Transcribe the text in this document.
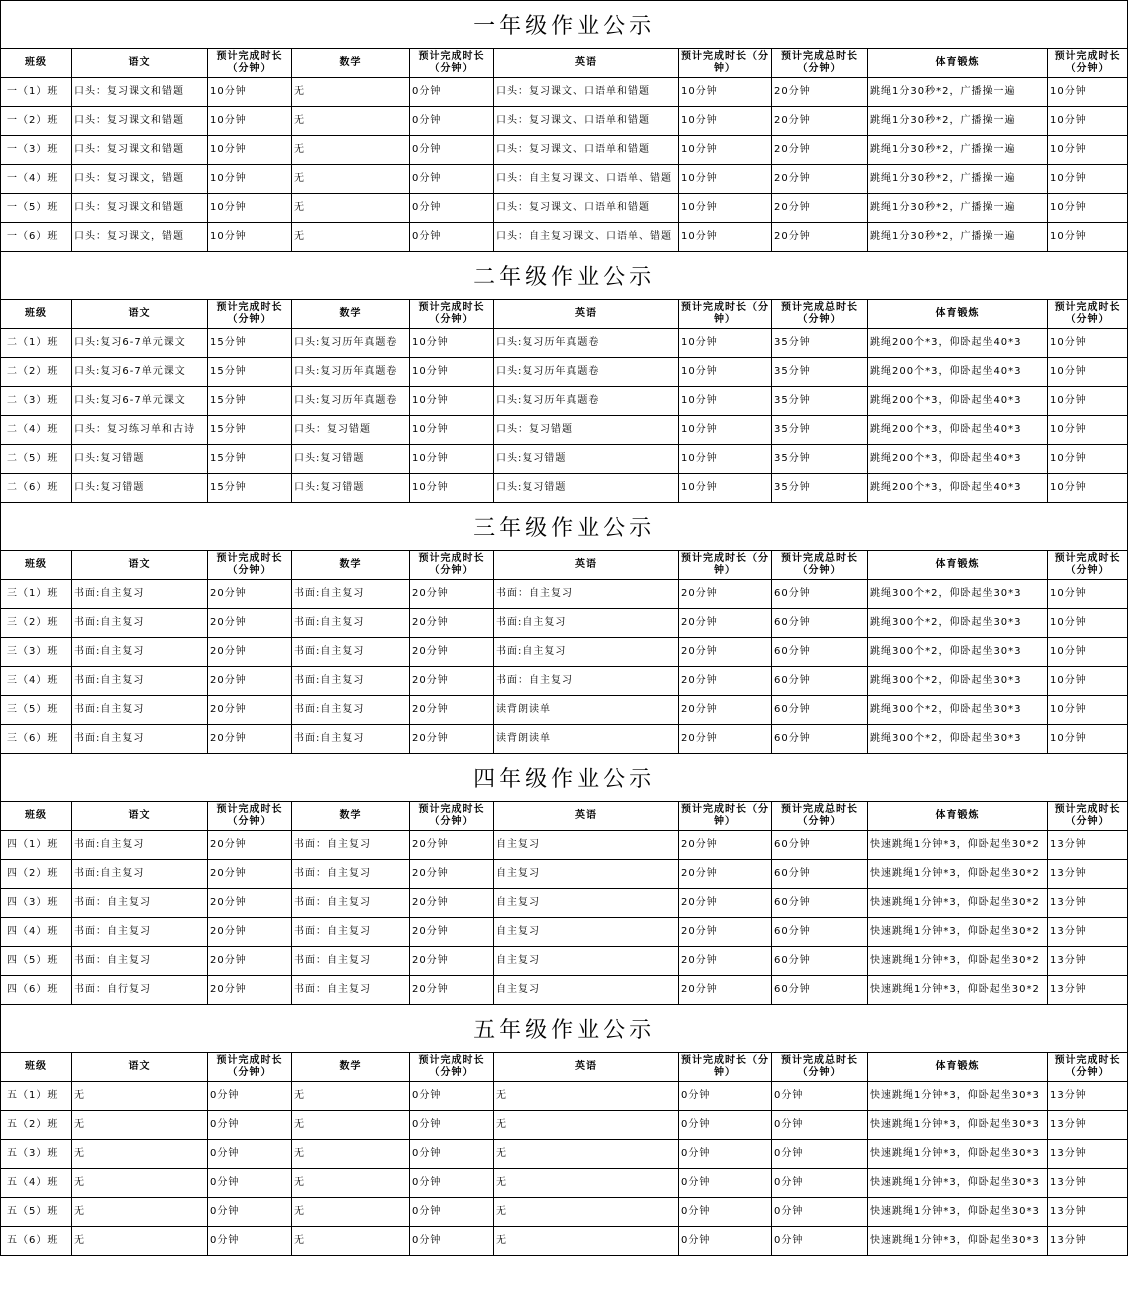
一年级作业公示									
班级	语文	预计完成时长（分钟）	数学	预计完成时长（分钟）	英语	预计完成时长（分钟）	预计完成总时长（分钟）	体育锻炼	预计完成时长（分钟）
一（1）班	口头：复习课文和错题	10分钟	无	0分钟	口头：复习课文、口语单和错题	10分钟	20分钟	跳绳1分30秒*2，广播操一遍	10分钟
一（2）班	口头：复习课文和错题	10分钟	无	0分钟	口头：复习课文、口语单和错题	10分钟	20分钟	跳绳1分30秒*2，广播操一遍	10分钟
一（3）班	口头：复习课文和错题	10分钟	无	0分钟	口头：复习课文、口语单和错题	10分钟	20分钟	跳绳1分30秒*2，广播操一遍	10分钟
一（4）班	口头：复习课文，错题	10分钟	无	0分钟	口头：自主复习课文、口语单、错题	10分钟	20分钟	跳绳1分30秒*2，广播操一遍	10分钟
一（5）班	口头：复习课文和错题	10分钟	无	0分钟	口头：复习课文、口语单和错题	10分钟	20分钟	跳绳1分30秒*2，广播操一遍	10分钟
一（6）班	口头：复习课文，错题	10分钟	无	0分钟	口头：自主复习课文、口语单、错题	10分钟	20分钟	跳绳1分30秒*2，广播操一遍	10分钟
二年级作业公示									
班级	语文	预计完成时长（分钟）	数学	预计完成时长（分钟）	英语	预计完成时长（分钟）	预计完成总时长（分钟）	体育锻炼	预计完成时长（分钟）
二（1）班	口头:复习6-7单元课文	15分钟	口头:复习历年真题卷	10分钟	口头:复习历年真题卷	10分钟	35分钟	跳绳200个*3，仰卧起坐40*3	10分钟
二（2）班	口头:复习6-7单元课文	15分钟	口头:复习历年真题卷	10分钟	口头:复习历年真题卷	10分钟	35分钟	跳绳200个*3，仰卧起坐40*3	10分钟
二（3）班	口头:复习6-7单元课文	15分钟	口头:复习历年真题卷	10分钟	口头:复习历年真题卷	10分钟	35分钟	跳绳200个*3，仰卧起坐40*3	10分钟
二（4）班	口头：复习练习单和古诗	15分钟	口头：复习错题	10分钟	口头：复习错题	10分钟	35分钟	跳绳200个*3，仰卧起坐40*3	10分钟
二（5）班	口头:复习错题	15分钟	口头:复习错题	10分钟	口头:复习错题	10分钟	35分钟	跳绳200个*3，仰卧起坐40*3	10分钟
二（6）班	口头:复习错题	15分钟	口头:复习错题	10分钟	口头:复习错题	10分钟	35分钟	跳绳200个*3，仰卧起坐40*3	10分钟
三年级作业公示									
班级	语文	预计完成时长（分钟）	数学	预计完成时长（分钟）	英语	预计完成时长（分钟）	预计完成总时长（分钟）	体育锻炼	预计完成时长（分钟）
三（1）班	书面:自主复习	20分钟	书面:自主复习	20分钟	书面：自主复习	20分钟	60分钟	跳绳300个*2，仰卧起坐30*3	10分钟
三（2）班	书面:自主复习	20分钟	书面:自主复习	20分钟	书面:自主复习	20分钟	60分钟	跳绳300个*2，仰卧起坐30*3	10分钟
三（3）班	书面:自主复习	20分钟	书面:自主复习	20分钟	书面:自主复习	20分钟	60分钟	跳绳300个*2，仰卧起坐30*3	10分钟
三（4）班	书面:自主复习	20分钟	书面:自主复习	20分钟	书面：自主复习	20分钟	60分钟	跳绳300个*2，仰卧起坐30*3	10分钟
三（5）班	书面:自主复习	20分钟	书面:自主复习	20分钟	读背朗读单	20分钟	60分钟	跳绳300个*2，仰卧起坐30*3	10分钟
三（6）班	书面:自主复习	20分钟	书面:自主复习	20分钟	读背朗读单	20分钟	60分钟	跳绳300个*2，仰卧起坐30*3	10分钟
四年级作业公示									
班级	语文	预计完成时长（分钟）	数学	预计完成时长（分钟）	英语	预计完成时长（分钟）	预计完成总时长（分钟）	体育锻炼	预计完成时长（分钟）
四（1）班	书面:自主复习	20分钟	书面：自主复习	20分钟	自主复习	20分钟	60分钟	快速跳绳1分钟*3，仰卧起坐30*2	13分钟
四（2）班	书面:自主复习	20分钟	书面：自主复习	20分钟	自主复习	20分钟	60分钟	快速跳绳1分钟*3，仰卧起坐30*2	13分钟
四（3）班	书面：自主复习	20分钟	书面：自主复习	20分钟	自主复习	20分钟	60分钟	快速跳绳1分钟*3，仰卧起坐30*2	13分钟
四（4）班	书面：自主复习	20分钟	书面：自主复习	20分钟	自主复习	20分钟	60分钟	快速跳绳1分钟*3，仰卧起坐30*2	13分钟
四（5）班	书面：自主复习	20分钟	书面：自主复习	20分钟	自主复习	20分钟	60分钟	快速跳绳1分钟*3，仰卧起坐30*2	13分钟
四（6）班	书面：自行复习	20分钟	书面：自主复习	20分钟	自主复习	20分钟	60分钟	快速跳绳1分钟*3，仰卧起坐30*2	13分钟
五年级作业公示									
班级	语文	预计完成时长（分钟）	数学	预计完成时长（分钟）	英语	预计完成时长（分钟）	预计完成总时长（分钟）	体育锻炼	预计完成时长（分钟）
五（1）班	无	0分钟	无	0分钟	无	0分钟	0分钟	快速跳绳1分钟*3，仰卧起坐30*3	13分钟
五（2）班	无	0分钟	无	0分钟	无	0分钟	0分钟	快速跳绳1分钟*3，仰卧起坐30*3	13分钟
五（3）班	无	0分钟	无	0分钟	无	0分钟	0分钟	快速跳绳1分钟*3，仰卧起坐30*3	13分钟
五（4）班	无	0分钟	无	0分钟	无	0分钟	0分钟	快速跳绳1分钟*3，仰卧起坐30*3	13分钟
五（5）班	无	0分钟	无	0分钟	无	0分钟	0分钟	快速跳绳1分钟*3，仰卧起坐30*3	13分钟
五（6）班	无	0分钟	无	0分钟	无	0分钟	0分钟	快速跳绳1分钟*3，仰卧起坐30*3	13分钟
